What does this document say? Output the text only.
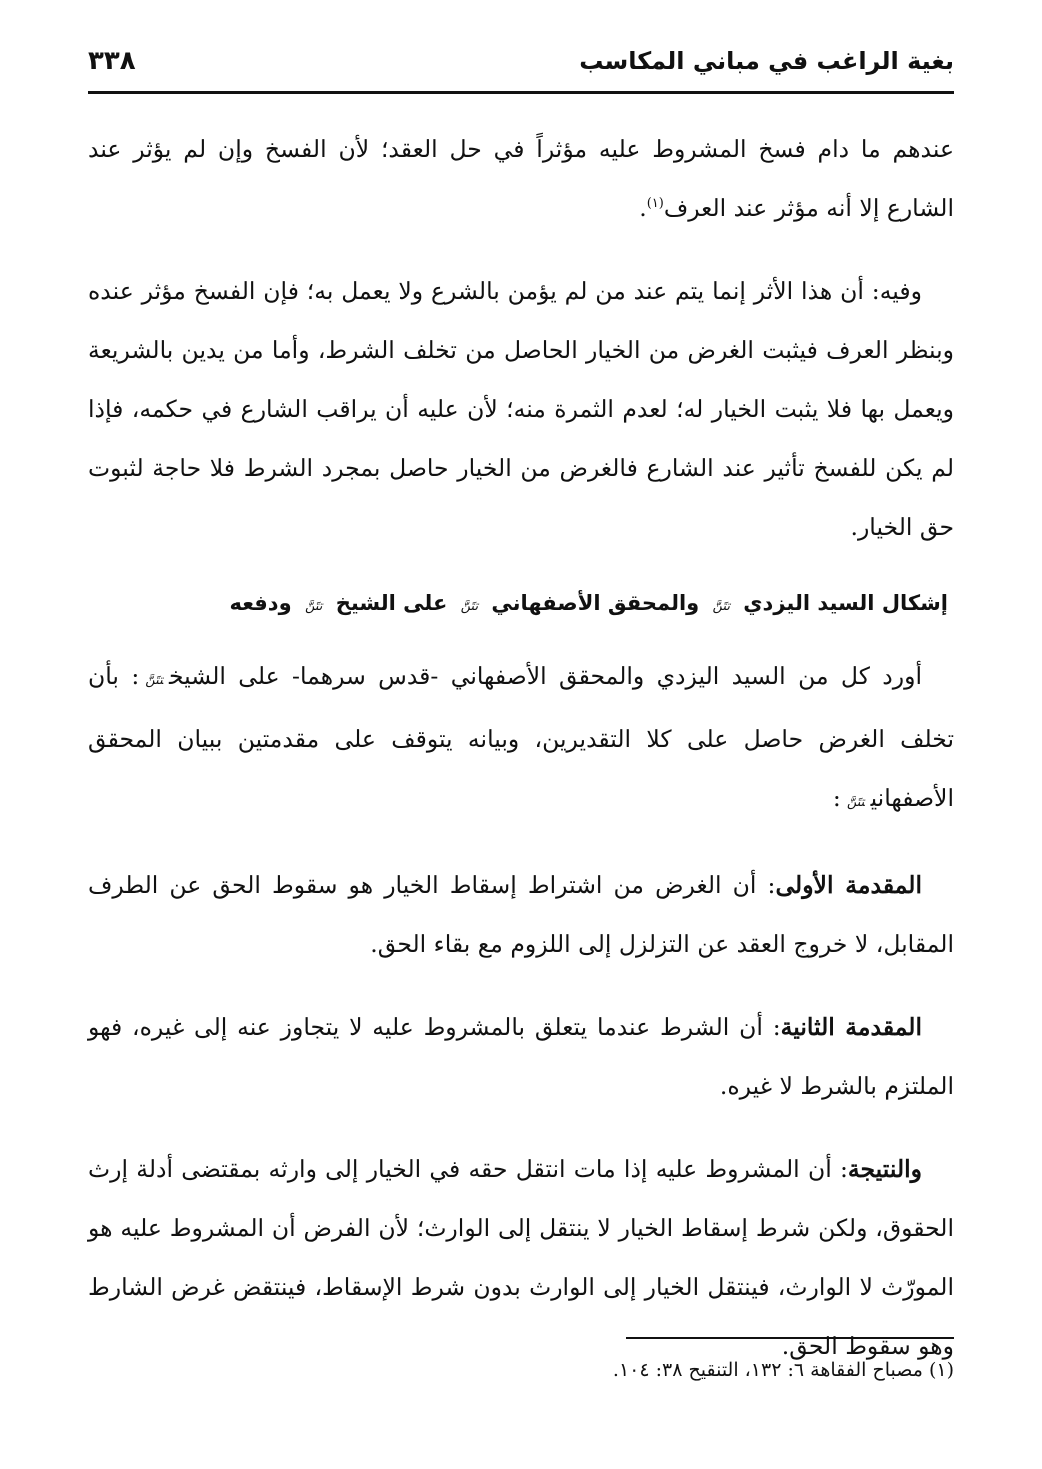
بغية الراغب في مباني المكاسب
٣٣٨

عندهم ما دام فسخ المشروط عليه مؤثراً في حل العقد؛ لأن الفسخ وإن لم يؤثر عند الشارع إلا أنه مؤثر عند العرف$^{(١)}$.

وفيه: أن هذا الأثر إنما يتم عند من لم يؤمن بالشرع ولا يعمل به؛ فإن الفسخ مؤثر عنده وبنظر العرف فيثبت الغرض من الخيار الحاصل من تخلف الشرط، وأما من يدين بالشريعة ويعمل بها فلا يثبت الخيار له؛ لعدم الثمرة منه؛ لأن عليه أن يراقب الشارع في حكمه، فإذا لم يكن للفسخ تأثير عند الشارع فالغرض من الخيار حاصل بمجرد الشرط فلا حاجة لثبوت حق الخيار.

إشكال السيد اليزدي تتَنَّ والمحقق الأصفهاني تتَنَّ على الشيخ تتَنَّ ودفعه

أورد كل من السيد اليزدي والمحقق الأصفهاني -قدس سرهما- على الشيختتَنَّ: بأن تخلف الغرض حاصل على كلا التقديرين، وبيانه يتوقف على مقدمتين ببيان المحقق الأصفهانيتتَنَّ:

المقدمة الأولى: أن الغرض من اشتراط إسقاط الخيار هو سقوط الحق عن الطرف المقابل، لا خروج العقد عن التزلزل إلى اللزوم مع بقاء الحق.

المقدمة الثانية: أن الشرط عندما يتعلق بالمشروط عليه لا يتجاوز عنه إلى غيره، فهو الملتزم بالشرط لا غيره.

والنتيجة: أن المشروط عليه إذا مات انتقل حقه في الخيار إلى وارثه بمقتضى أدلة إرث الحقوق، ولكن شرط إسقاط الخيار لا ينتقل إلى الوارث؛ لأن الفرض أن المشروط عليه هو المورّث لا الوارث، فينتقل الخيار إلى الوارث بدون شرط الإسقاط، فينتقض غرض الشارط وهو سقوط الحق.

(١) مصباح الفقاهة ٦: ١٣٢، التنقيح ٣٨: ١٠٤.
